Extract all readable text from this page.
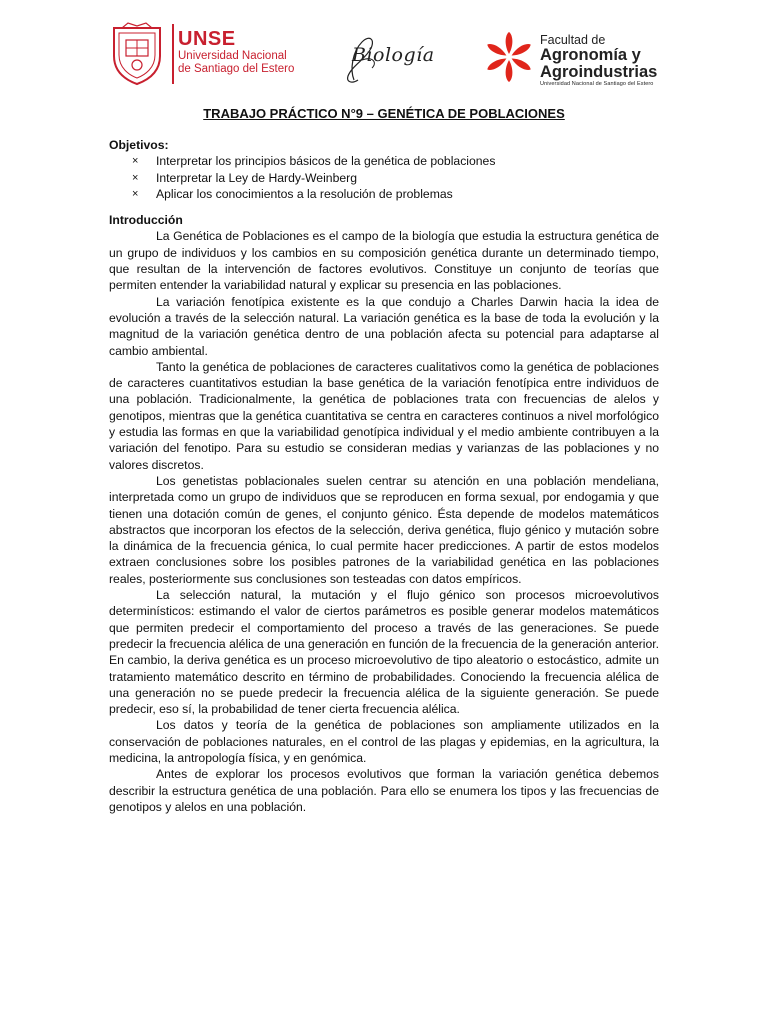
UNSE
Universidad Nacional
de Santiago del Estero
Biología
Facultad de
Agronomía y
Agroindustrias
Universidad Nacional de Santiago del Estero
TRABAJO PRÁCTICO N°9 – GENÉTICA DE POBLACIONES

Objetivos:

× Interpretar los principios básicos de la genética de poblaciones
× Interpretar la Ley de Hardy-Weinberg
× Aplicar los conocimientos a la resolución de problemas

Introducción

La Genética de Poblaciones es el campo de la biología que estudia la estructura genética de un grupo de individuos y los cambios en su composición genética durante un determinado tiempo, que resultan de la intervención de factores evolutivos. Constituye un conjunto de teorías que permiten entender la variabilidad natural y explicar su presencia en las poblaciones.

La variación fenotípica existente es la que condujo a Charles Darwin hacia la idea de evolución a través de la selección natural. La variación genética es la base de toda la evolución y la magnitud de la variación genética dentro de una población afecta su potencial para adaptarse al cambio ambiental.

Tanto la genética de poblaciones de caracteres cualitativos como la genética de poblaciones de caracteres cuantitativos estudian la base genética de la variación fenotípica entre individuos de una población. Tradicionalmente, la genética de poblaciones trata con frecuencias de alelos y genotipos, mientras que la genética cuantitativa se centra en caracteres continuos a nivel morfológico y estudia las formas en que la variabilidad genotípica individual y el medio ambiente contribuyen a la variación del fenotipo. Para su estudio se consideran medias y varianzas de las poblaciones y no valores discretos.

Los genetistas poblacionales suelen centrar su atención en una población mendeliana, interpretada como un grupo de individuos que se reproducen en forma sexual, por endogamia y que tienen una dotación común de genes, el conjunto génico. Ésta depende de modelos matemáticos abstractos que incorporan los efectos de la selección, deriva genética, flujo génico y mutación sobre la dinámica de la frecuencia génica, lo cual permite hacer predicciones. A partir de estos modelos extraen conclusiones sobre los posibles patrones de la variabilidad genética en las poblaciones reales, posteriormente sus conclusiones son testeadas con datos empíricos.

La selección natural, la mutación y el flujo génico son procesos microevolutivos determinísticos: estimando el valor de ciertos parámetros es posible generar modelos matemáticos que permiten predecir el comportamiento del proceso a través de las generaciones. Se puede predecir la frecuencia alélica de una generación en función de la frecuencia de la generación anterior. En cambio, la deriva genética es un proceso microevolutivo de tipo aleatorio o estocástico, admite un tratamiento matemático descrito en término de probabilidades. Conociendo la frecuencia alélica de una generación no se puede predecir la frecuencia alélica de la siguiente generación. Se puede predecir, eso sí, la probabilidad de tener cierta frecuencia alélica.

Los datos y teoría de la genética de poblaciones son ampliamente utilizados en la conservación de poblaciones naturales, en el control de las plagas y epidemias, en la agricultura, la medicina, la antropología física, y en genómica.

Antes de explorar los procesos evolutivos que forman la variación genética debemos describir la estructura genética de una población. Para ello se enumera los tipos y las frecuencias de genotipos y alelos en una población.
